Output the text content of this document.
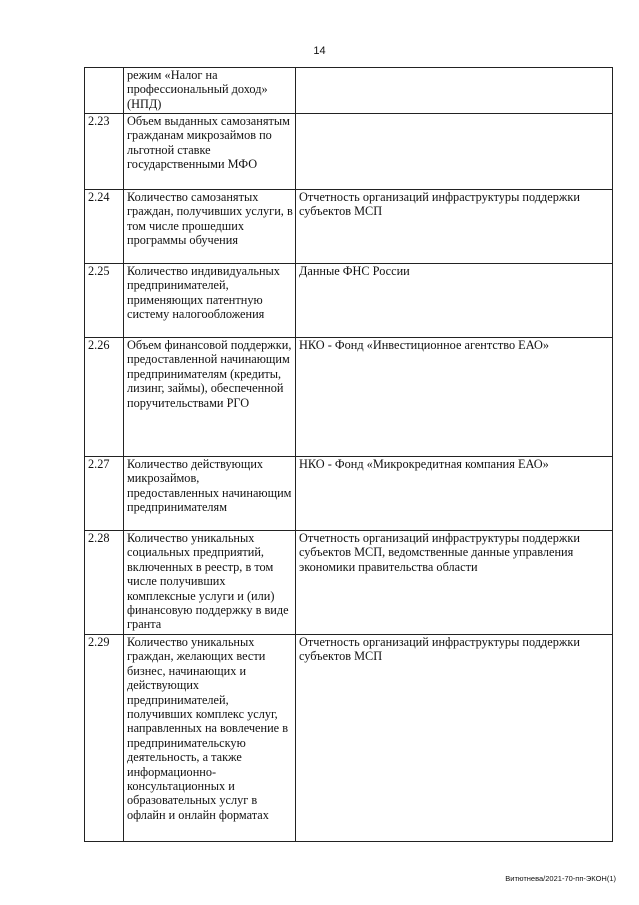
14
	режим «Налог на профессиональный доход» (НПД)	
2.23	Объем выданных самозанятым гражданам микрозаймов по льготной ставке государственными МФО	
2.24	Количество самозанятых граждан, получивших услуги, в том числе прошедших программы обучения	Отчетность организаций инфраструктуры поддержки субъектов МСП
2.25	Количество индивидуальных предпринимателей, применяющих патентную систему налогообложения	Данные ФНС России
2.26	Объем финансовой поддержки, предоставленной начинающим предпринимателям (кредиты, лизинг, займы), обеспеченной поручительствами РГО	НКО - Фонд «Инвестиционное агентство ЕАО»
2.27	Количество действующих микрозаймов, предоставленных начинающим предпринимателям	НКО - Фонд «Микрокредитная компания ЕАО»
2.28	Количество уникальных социальных предприятий, включенных в реестр, в том числе получивших комплексные услуги и (или) финансовую поддержку в виде гранта	Отчетность организаций инфраструктуры поддержки субъектов МСП, ведомственные данные управления экономики правительства области
2.29	Количество уникальных граждан, желающих вести бизнес, начинающих и действующих предпринимателей, получивших комплекс услуг, направленных на вовлечение в предпринимательскую деятельность, а также информационно-консультационных и образовательных услуг в офлайн и онлайн форматах	Отчетность организаций инфраструктуры поддержки субъектов МСП
Витютнева/2021-70-пп-ЭКОН(1)
